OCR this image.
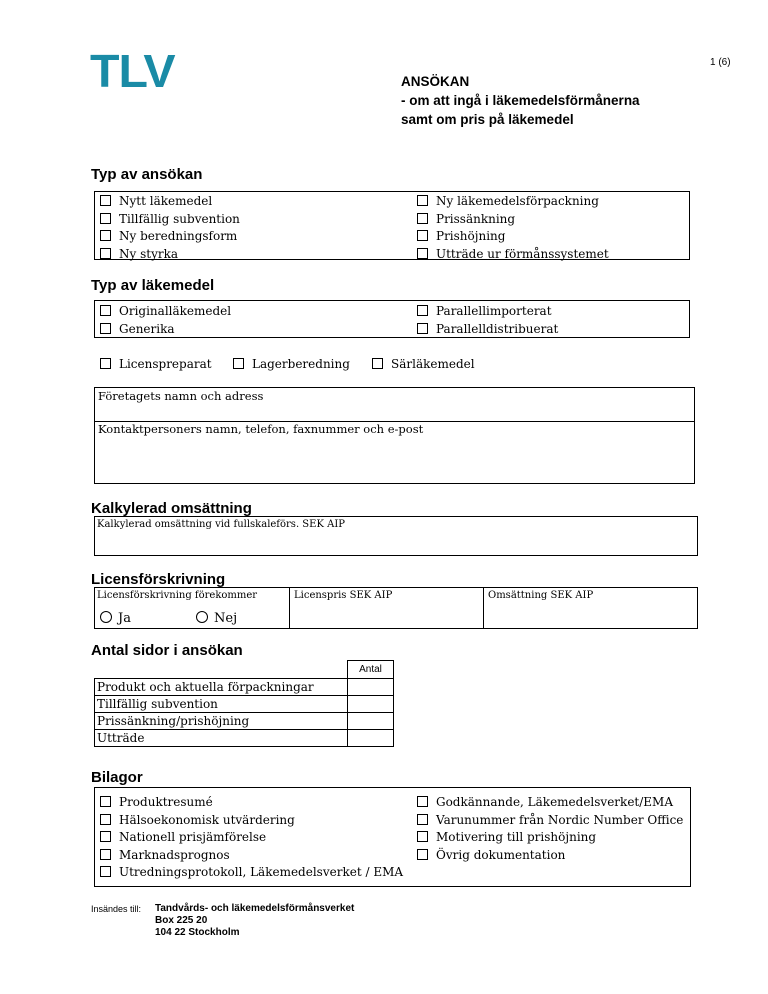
TLV	1 (6)
ANSÖKAN
- om att ingå i läkemedelsförmånerna
samt om pris på läkemedel
Typ av ansökan
Nytt läkemedel
Tillfällig subvention
Ny beredningsform
Ny styrka
Ny läkemedelsförpackning
Prissänkning
Prishöjning
Utträde ur förmånssystemet
Typ av läkemedel
Originalläkemedel
Generika
Parallellimporterat
Parallelldistribuerat
Licenspreparat	Lagerberedning	Särläkemedel
Företagets namn och adress
Kontaktpersoners namn, telefon, faxnummer och e-post
Kalkylerad omsättning
Kalkylerad omsättning vid fullskaleförs. SEK AIP
Licensförskrivning
Licensförskrivning förekommer	Licenspris SEK AIP	Omsättning SEK AIP
Ja	Nej
Antal sidor i ansökan
	Antal
Produkt och aktuella förpackningar	
Tillfällig subvention	
Prissänkning/prishöjning	
Utträde	
Bilagor
Produktresumé
Hälsoekonomisk utvärdering
Nationell prisjämförelse
Marknadsprognos
Utredningsprotokoll, Läkemedelsverket / EMA
Godkännande, Läkemedelsverket/EMA
Varunummer från Nordic Number Office
Motivering till prishöjning
Övrig dokumentation
Insändes till: Tandvårds- och läkemedelsförmånsverket
Box 225 20
104 22 Stockholm
